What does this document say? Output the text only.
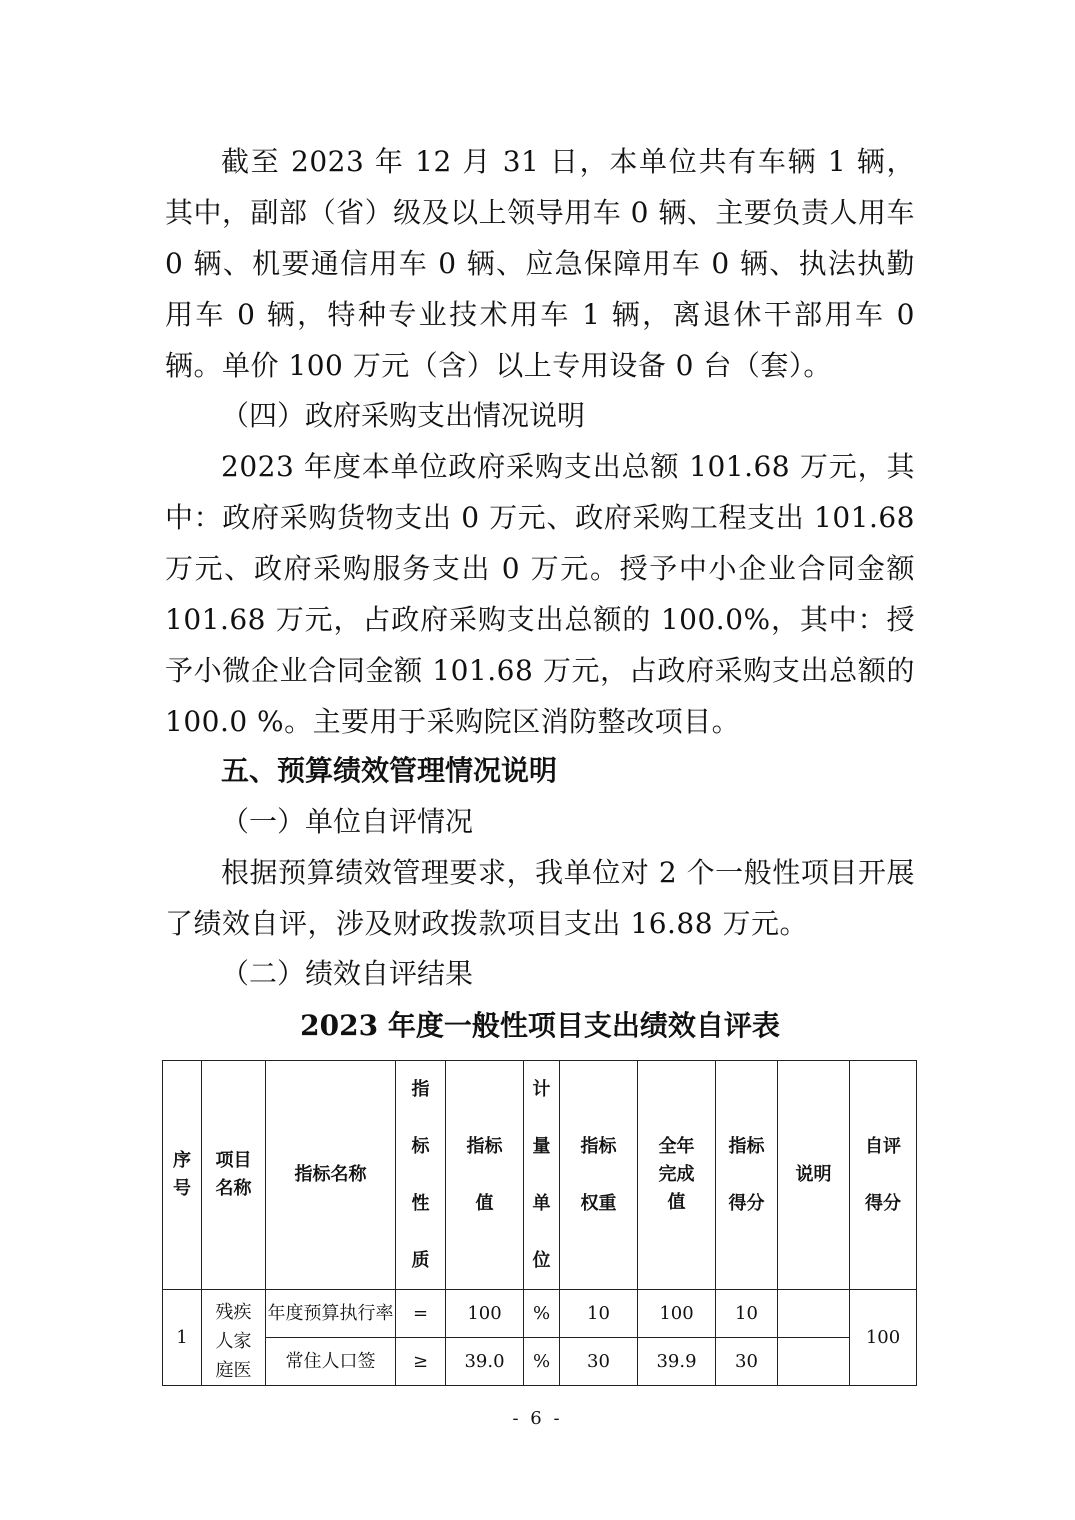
截至 2023 年 12 月 31 日，本单位共有车辆 1 辆，其中，副部（省）级及以上领导用车 0 辆、主要负责人用车 0 辆、机要通信用车 0 辆、应急保障用车 0 辆、执法执勤用车 0 辆，特种专业技术用车 1 辆，离退休干部用车 0 辆。单价 100 万元（含）以上专用设备 0 台（套）。

（四）政府采购支出情况说明

2023 年度本单位政府采购支出总额 101.68 万元，其中：政府采购货物支出 0 万元、政府采购工程支出 101.68 万元、政府采购服务支出 0 万元。授予中小企业合同金额 101.68 万元，占政府采购支出总额的 100.0%，其中：授予小微企业合同金额 101.68 万元，占政府采购支出总额的 100.0 %。主要用于采购院区消防整改项目。

五、预算绩效管理情况说明
（一）单位自评情况

根据预算绩效管理要求，我单位对 2 个一般性项目开展了绩效自评，涉及财政拨款项目支出 16.88 万元。

（二）绩效自评结果
2023 年度一般性项目支出绩效自评表
序号	项目名称	指标名称	指标性质	指标值	计量单位	指标权重	全年完成值	指标得分	说明	自评得分
1	残疾人家庭医	年度预算执行率	=	100	%	10	100	10		100
		常住人口签	≥	39.0	%	30	39.9	30		
- 6 -
